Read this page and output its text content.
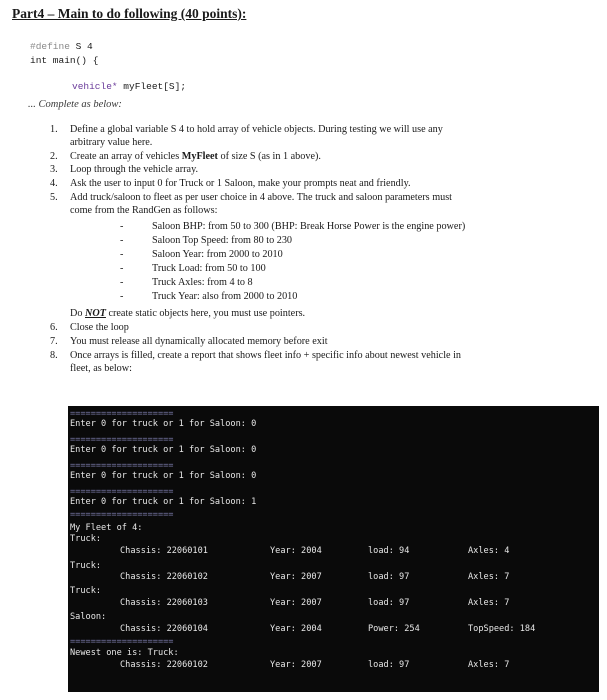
Part4 – Main to do following (40 points):
#define S 4
int main() {
vehicle* myFleet[S];
... Complete as below:
1.	Define a global variable S 4 to hold array of vehicle objects. During testing we will use any
arbitrary value here.
2.	Create an array of vehicles MyFleet of size S (as in 1 above).
3.	Loop through the vehicle array.
4.	Ask the user to input 0 for Truck or 1 Saloon, make your prompts neat and friendly.
5.	Add truck/saloon to fleet as per user choice in 4 above. The truck and saloon parameters must
come from the RandGen as follows:
-	Saloon BHP: from 50 to 300 (BHP: Break Horse Power is the engine power)
-	Saloon Top Speed: from 80 to 230
-	Saloon Year: from 2000 to 2010
-	Truck Load: from 50 to 100
-	Truck Axles: from 4 to 8
-	Truck Year: also from 2000 to 2010
Do NOT create static objects here, you must use pointers.
6.	Close the loop
7.	You must release all dynamically allocated memory before exit
8.	Once arrays is filled, create a report that shows fleet info + specific info about newest vehicle in
fleet, as below:
====================
Enter 0 for truck or 1 for Saloon: 0
====================
Enter 0 for truck or 1 for Saloon: 0
====================
Enter 0 for truck or 1 for Saloon: 0
====================
Enter 0 for truck or 1 for Saloon: 1
====================
My Fleet of 4:
Truck:
Chassis: 22060101	Year: 2004	load: 94	Axles: 4
Truck:
Chassis: 22060102	Year: 2007	load: 97	Axles: 7
Truck:
Chassis: 22060103	Year: 2007	load: 97	Axles: 7
Saloon:
Chassis: 22060104	Year: 2004	Power: 254	TopSpeed: 184
====================
Newest one is: Truck:
Chassis: 22060102	Year: 2007	load: 97	Axles: 7
